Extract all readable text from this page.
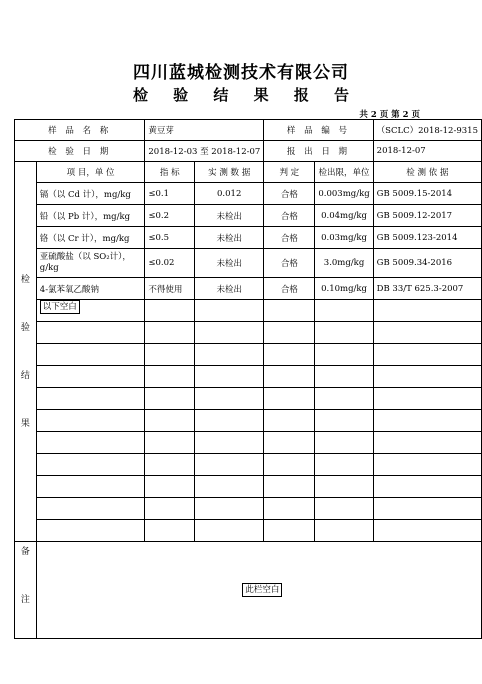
四川蓝城检测技术有限公司
检 验 结 果 报 告
共 2 页 第 2 页
样 品 名 称		黄豆芽		样 品 编 号		（SCLC）2018-12-9315
检 验 日 期		2018-12-03 至 2018-12-07		报 出 日 期		2018-12-07

检
验
结
果	项 目，单 位	指 标	实 测 数 据	判 定	检出限，单位	检 测 依 据
	镉（以 Cd 计），mg/kg	≤0.1	0.012	合格	0.003mg/kg	GB 5009.15-2014
	铅（以 Pb 计），mg/kg	≤0.2	未检出	合格	0.04mg/kg	GB 5009.12-2017
	铬（以 Cr 计），mg/kg	≤0.5	未检出	合格	0.03mg/kg	GB 5009.123-2014
	亚硫酸盐（以 SO₂计），g/kg	≤0.02	未检出	合格	3.0mg/kg	GB 5009.34-2016
	4-氯苯氧乙酸钠	不得使用	未检出	合格	0.10mg/kg	DB 33/T 625.3-2007
	以下空白					

备
注	此栏空白					
